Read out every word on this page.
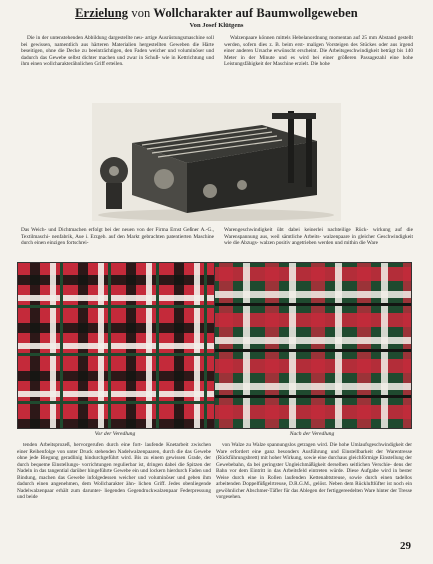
Erzielung von Wollcharakter auf Baumwollgeweben
Von Josef Klütgens
Die in der untenstehenden Abbildung dargestellte neu- artige Ausrüstungsmaschine soll bei gewissen, namentlich aus härteren Materialien hergestellten Geweben die Härte beseitigen, ohne die Decke zu beeinträchtigen, den Faden weicher und voluminöser und dadurch das Gewebe selbst dichter machen und zwar in Schuß- wie in Kettrichtung und ihm einen wollcharakterähnlichen Griff erteilen.
Walzenpaare können mittels Hebelanordnung momentan auf 25 mm Abstand gestellt werden, sofern dies z. B. beim erst- maligen Vorsteigen des Stückes oder aus irgend einer anderen Ursache erwünscht erscheint. Die Arbeitsgeschwindigkeit beträgt bis 140 Meter in der Minute und es wird bei einer größeren Passagezahl eine hohe Leistungsfähigkeit der Maschine erzielt. Die hohe
Das Weich- und Dichtmachen erfolgt bei der neuen von der Firma Ernst Geßner A.-G., Textilmaschi- nenfabrik, Aue i. Erzgeb. auf den Markt gebrachten patentierten Maschine durch einen einzigen fortschrei-
Warengeschwindigkeit übt dabei keinerlei nachteilige Rück- wirkung auf die Warenspannung aus, weil sämtliche Arbeits- walzenpaare in gleicher Geschwindigkeit wie die Abzugs- walzen positiv angetrieben werden und mithin die Ware
Vor der Veredlung	Nach der Veredlung
tenden Arbeitsprozeß, hervorgerufen durch eine fort- laufende Knetarbeit zwischen einer Reihenfolge von unter Druck stehenden Nadelwalzenpaaren, durch die das Gewebe ohne jede Biegung geradlinig hindurchgeführt wird. Bis zu einem gewissen Grade, der durch bequeme Einstellungs- vorrichtungen regulierbar ist, dringen dabei die Spitzen der Nadeln in das tangential darüber hingeführte Gewebe ein und lockern hierdurch Faden und Bindung, machen das Gewebe infolgedessen weicher und voluminöser und geben ihm dadurch einen angenehmen, dem Wollcharakter ähn- lichen Griff. Jedes obenliegende Nadelwalzenpaar erhält zum darunter- liegenden Gegendruckwalzenpaar Federpressung und beide
von Walze zu Walze spannungslos getragen wird. Die hohe Umlaufsgeschwindigkeit der Ware erfordert eine ganz besonders Ausführung und Einstellbarkeit der Warentresse (Rückführungsbrett) mit hoher Wirkung, sowie eine durchaus gleichförmige Einstellung der Gewebebahn, da bei geringster Ungleichmäßigkeit derselben seitlichen Verschie- dens der Bahn vor dem Eintritt in das Arbeitsfeld eintreten würde. Diese Aufgabe wird in bester Weise durch eine in Rollen laufenden Kettenabtstreuse, sowie durch einen tadellos arbeitenden Doppelfüßgelrtreuse, D.R.G.M., gelöst. Neben dem Rückluftlüfter ist noch ein gewöhnlicher Abschmer-Täfler für das Ablegen der fertiggereedelten Ware hinter der Tresse vorgesehen.
29
